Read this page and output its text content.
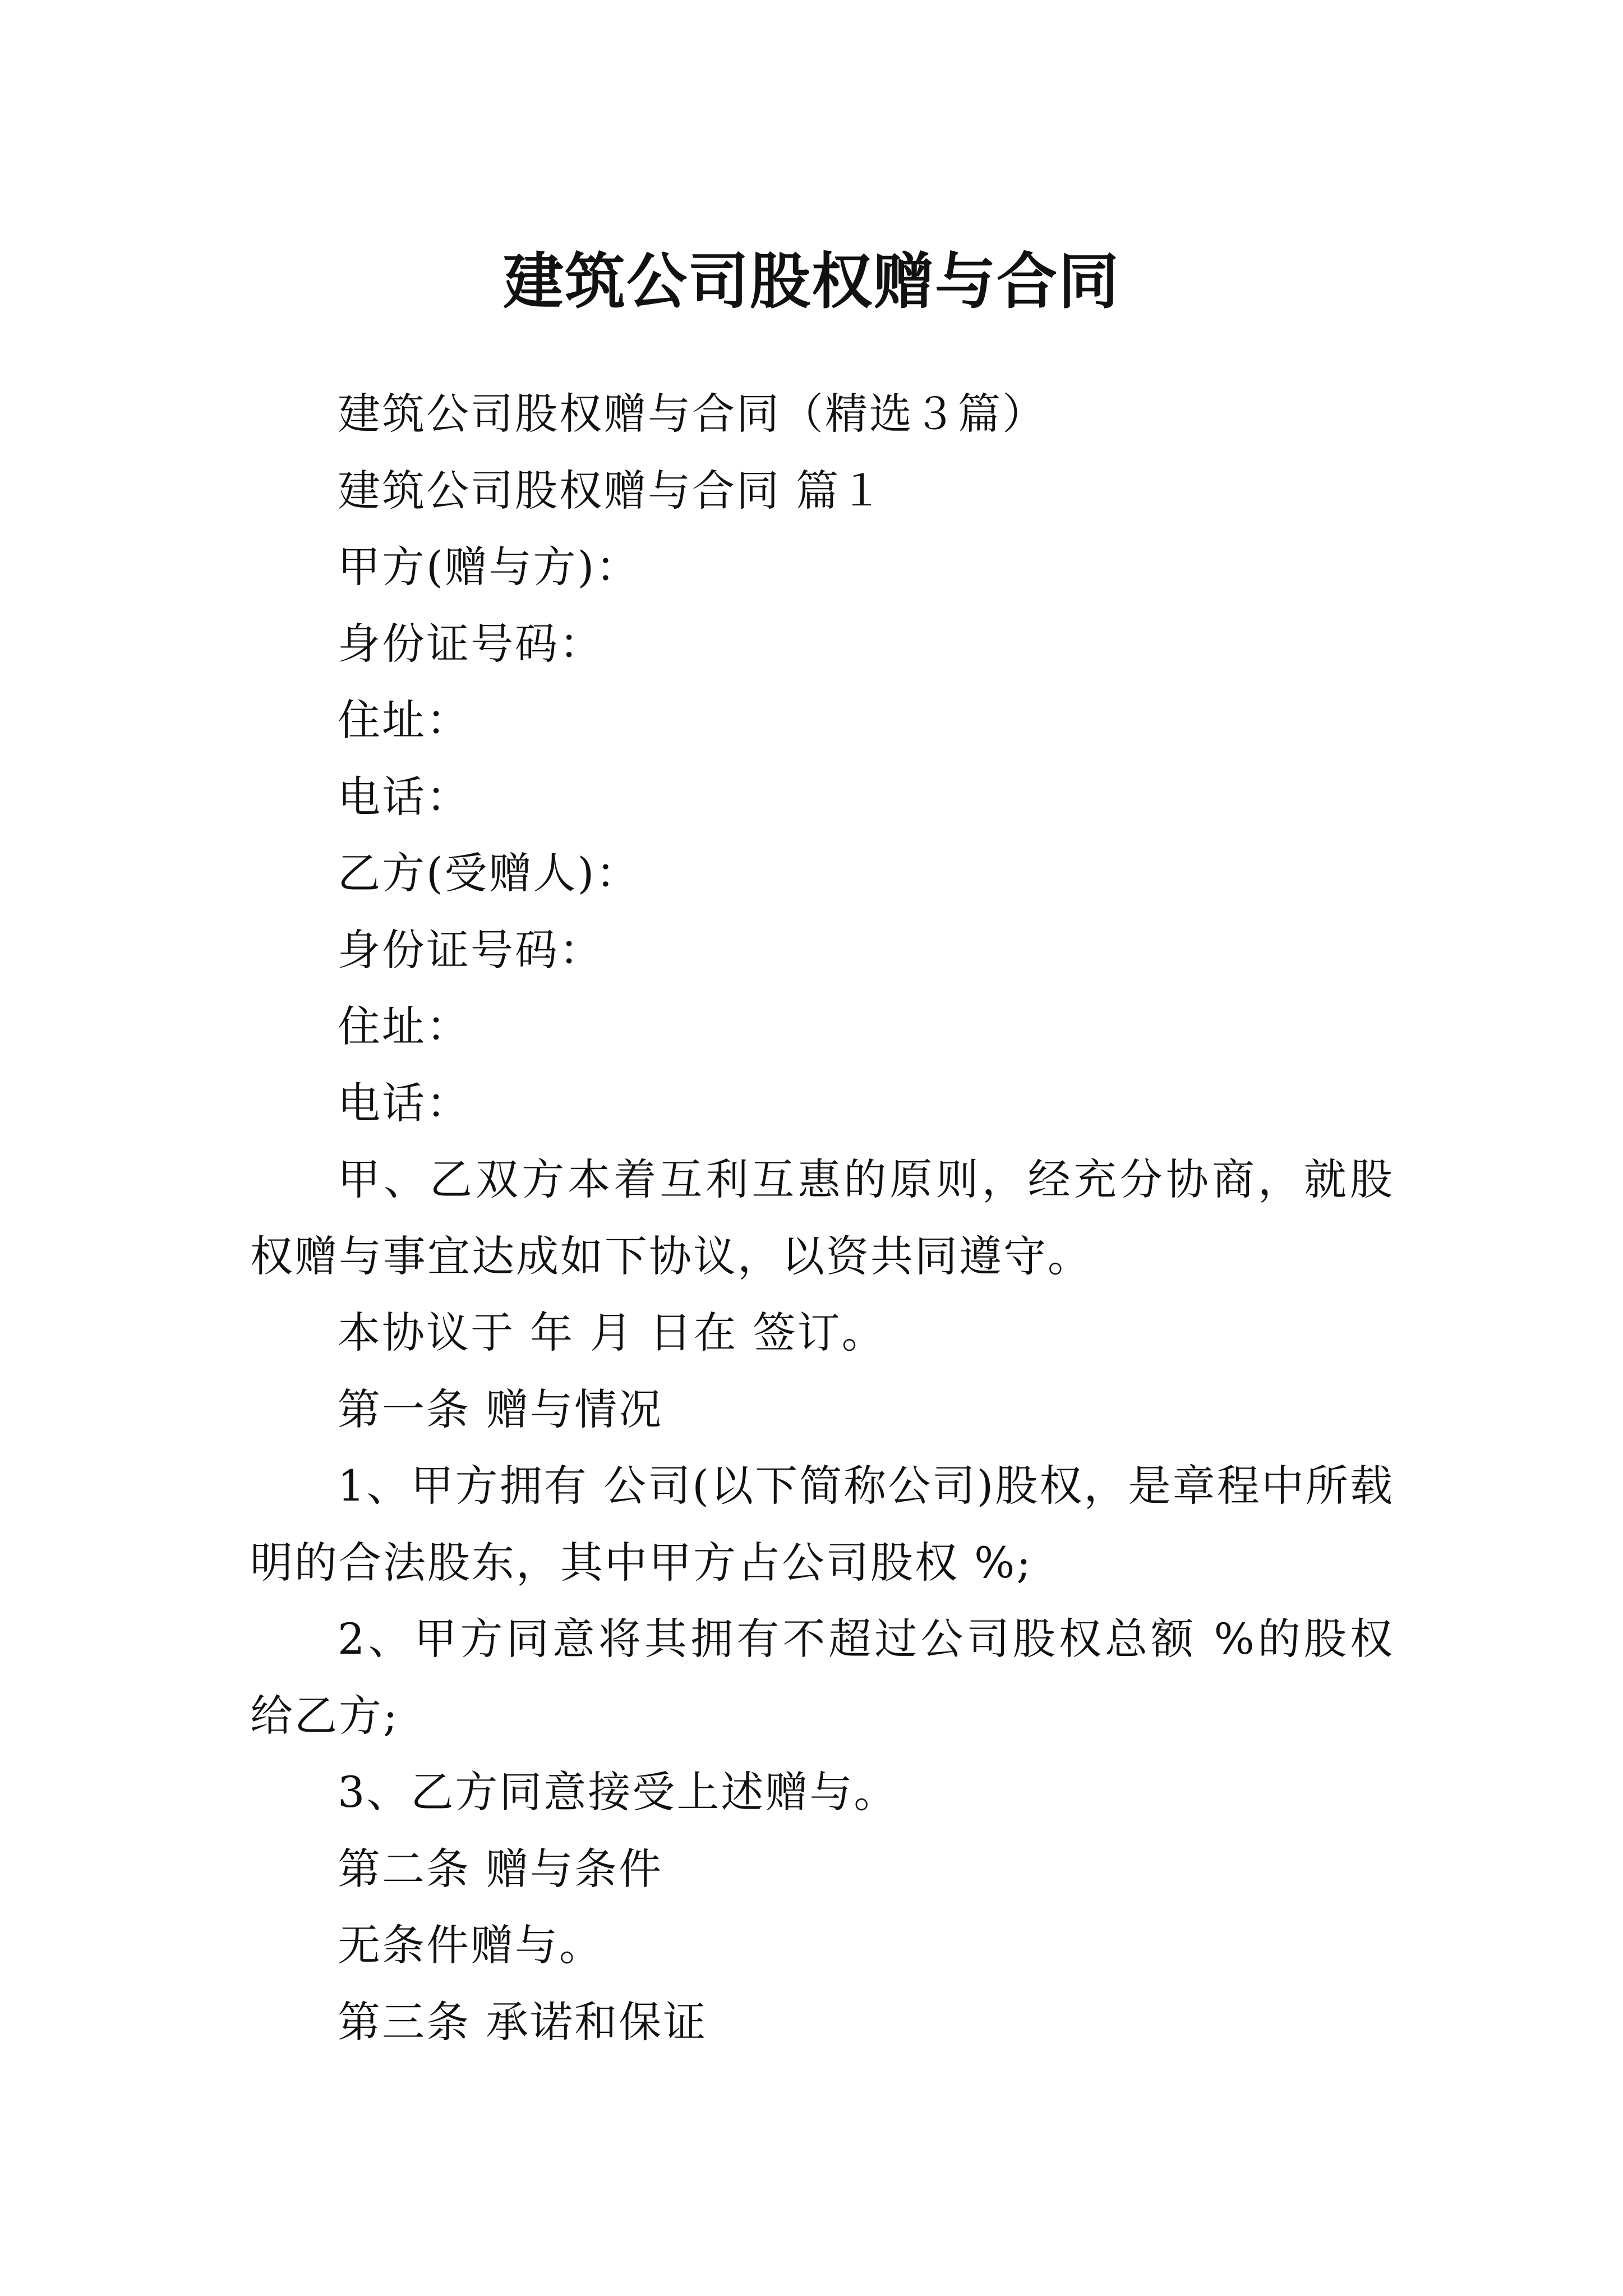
建筑公司股权赠与合同

建筑公司股权赠与合同（精选３篇）

建筑公司股权赠与合同 篇１

甲方(赠与方)：

身份证号码：

住址：

电话：

乙方(受赠人)：

身份证号码：

住址：

电话：

甲、乙双方本着互利互惠的原则，经充分协商，就股权赠与事宜达成如下协议，以资共同遵守。

本协议于 年 月 日在 签订。

第一条 赠与情况

1、甲方拥有 公司(以下简称公司)股权，是章程中所载明的合法股东，其中甲方占公司股权 %;

2、甲方同意将其拥有不超过公司股权总额 %的股权给乙方;

3、乙方同意接受上述赠与。

第二条 赠与条件

无条件赠与。

第三条 承诺和保证
